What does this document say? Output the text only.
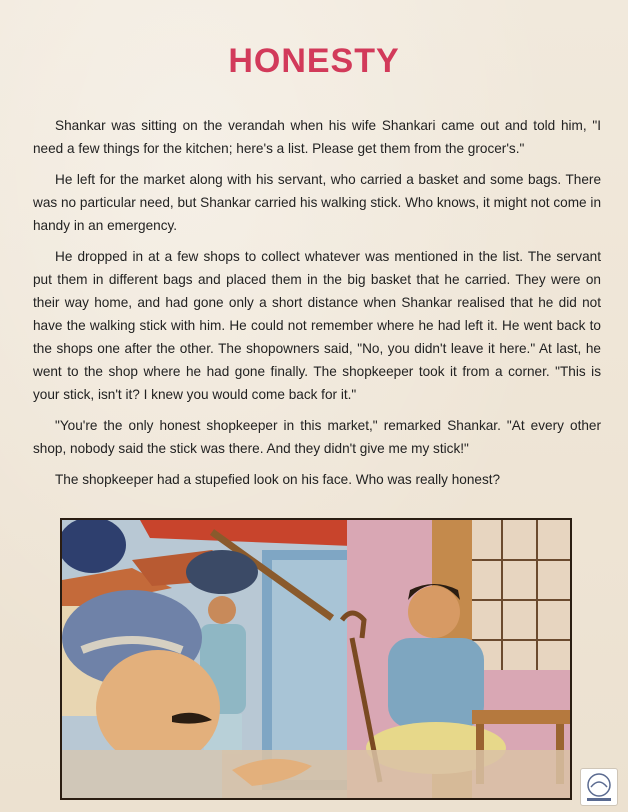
HONESTY

Shankar was sitting on the verandah when his wife Shankari came out and told him, "I need a few things for the kitchen; here's a list. Please get them from the grocer's."

He left for the market along with his servant, who carried a basket and some bags. There was no particular need, but Shankar carried his walking stick. Who knows, it might not come in handy in an emergency.

He dropped in at a few shops to collect whatever was mentioned in the list. The servant put them in different bags and placed them in the big basket that he carried. They were on their way home, and had gone only a short distance when Shankar realised that he did not have the walking stick with him. He could not remember where he had left it. He went back to the shops one after the other. The shopowners said, "No, you didn't leave it here." At last, he went to the shop where he had gone finally. The shopkeeper took it from a corner. "This is your stick, isn't it? I knew you would come back for it."

"You're the only honest shopkeeper in this market," remarked Shankar. "At every other shop, nobody said the stick was there. And they didn't give me my stick!"

The shopkeeper had a stupefied look on his face. Who was really honest?
